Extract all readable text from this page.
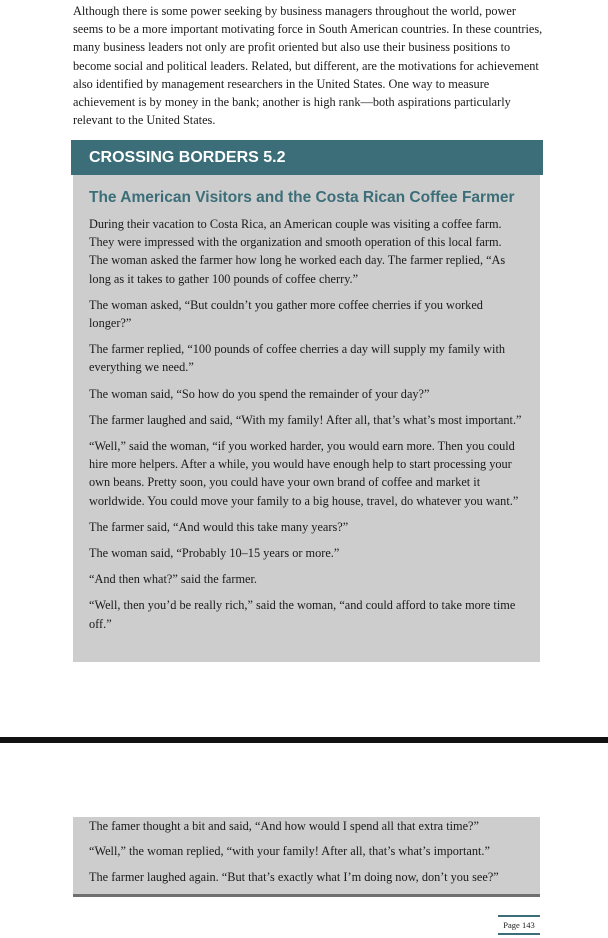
Although there is some power seeking by business managers throughout the world, power seems to be a more important motivating force in South American countries. In these countries, many business leaders not only are profit oriented but also use their business positions to become social and political leaders. Related, but different, are the motivations for achievement also identified by management researchers in the United States. One way to measure achievement is by money in the bank; another is high rank—both aspirations particularly relevant to the United States.

CROSSING BORDERS 5.2
The American Visitors and the Costa Rican Coffee Farmer

During their vacation to Costa Rica, an American couple was visiting a coffee farm. They were impressed with the organization and smooth operation of this local farm. The woman asked the farmer how long he worked each day. The farmer replied, “As long as it takes to gather 100 pounds of coffee cherry.”

The woman asked, “But couldn’t you gather more coffee cherries if you worked longer?”

The farmer replied, “100 pounds of coffee cherries a day will supply my family with everything we need.”

The woman said, “So how do you spend the remainder of your day?”

The farmer laughed and said, “With my family! After all, that’s what’s most important.”

“Well,” said the woman, “if you worked harder, you would earn more. Then you could hire more helpers. After a while, you would have enough help to start processing your own beans. Pretty soon, you could have your own brand of coffee and market it worldwide. You could move your family to a big house, travel, do whatever you want.”

The farmer said, “And would this take many years?”

The woman said, “Probably 10–15 years or more.”

“And then what?” said the farmer.

“Well, then you’d be really rich,” said the woman, “and could afford to take more time off.”

The famer thought a bit and said, “And how would I spend all that extra time?”

“Well,” the woman replied, “with your family! After all, that’s what’s important.”

The farmer laughed again. “But that’s exactly what I’m doing now, don’t you see?”

Page 143
